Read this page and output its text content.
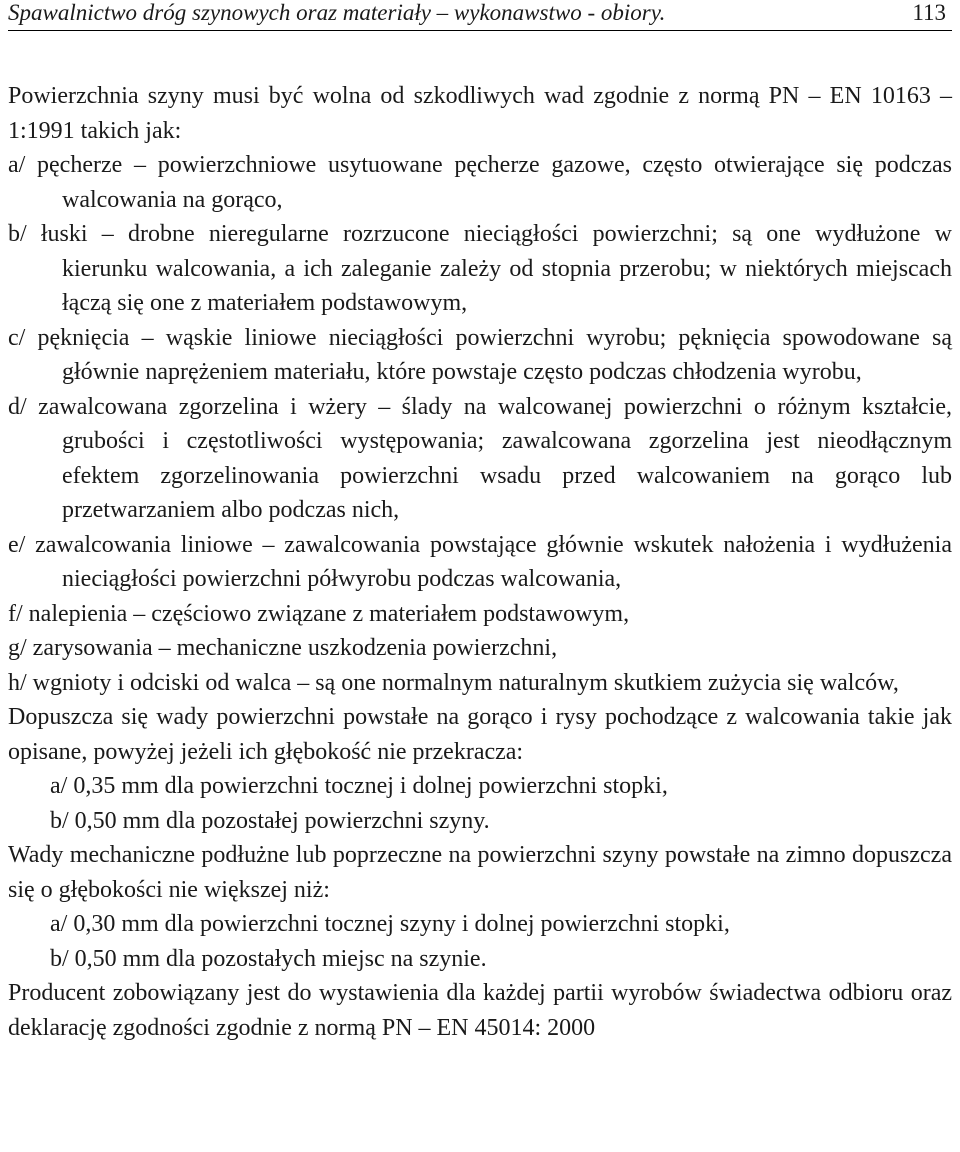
Spawalnictwo dróg szynowych oraz materiały – wykonawstwo - obiory.	113

Powierzchnia szyny musi być wolna od szkodliwych wad zgodnie z normą PN – EN 10163 – 1:1991 takich jak:

a/ pęcherze – powierzchniowe usytuowane pęcherze gazowe, często otwierające się podczas walcowania na gorąco,

b/ łuski – drobne nieregularne rozrzucone nieciągłości powierzchni; są one wydłużone w kierunku walcowania, a ich zaleganie zależy od stopnia przerobu; w niektórych miejscach łączą się one z materiałem podstawowym,

c/ pęknięcia – wąskie liniowe nieciągłości powierzchni wyrobu; pęknięcia spowodowane są głównie naprężeniem materiału, które powstaje często podczas chłodzenia wyrobu,

d/ zawalcowana zgorzelina i wżery – ślady na walcowanej powierzchni o różnym kształcie, grubości i częstotliwości występowania; zawalcowana zgorzelina jest nieodłącznym efektem zgorzelinowania powierzchni wsadu przed walcowaniem na gorąco lub przetwarzaniem albo podczas nich,

e/ zawalcowania liniowe – zawalcowania powstające głównie wskutek nałożenia i wydłużenia nieciągłości powierzchni półwyrobu podczas walcowania,

f/ nalepienia – częściowo związane z materiałem podstawowym,

g/ zarysowania – mechaniczne uszkodzenia powierzchni,

h/ wgnioty i odciski od walca – są one normalnym naturalnym skutkiem zużycia się walców,

Dopuszcza się wady powierzchni powstałe na gorąco i rysy pochodzące z walcowania takie jak opisane, powyżej jeżeli ich głębokość nie przekracza:

a/ 0,35 mm dla powierzchni tocznej i dolnej powierzchni stopki,

b/ 0,50 mm dla pozostałej powierzchni szyny.

Wady mechaniczne podłużne lub poprzeczne na powierzchni szyny powstałe na zimno dopuszcza się o głębokości nie większej niż:

a/ 0,30 mm dla powierzchni tocznej szyny i dolnej powierzchni stopki,

b/ 0,50 mm dla pozostałych miejsc na szynie.

Producent zobowiązany jest do wystawienia dla każdej partii wyrobów świadectwa odbioru oraz deklarację zgodności zgodnie z normą PN – EN 45014: 2000
